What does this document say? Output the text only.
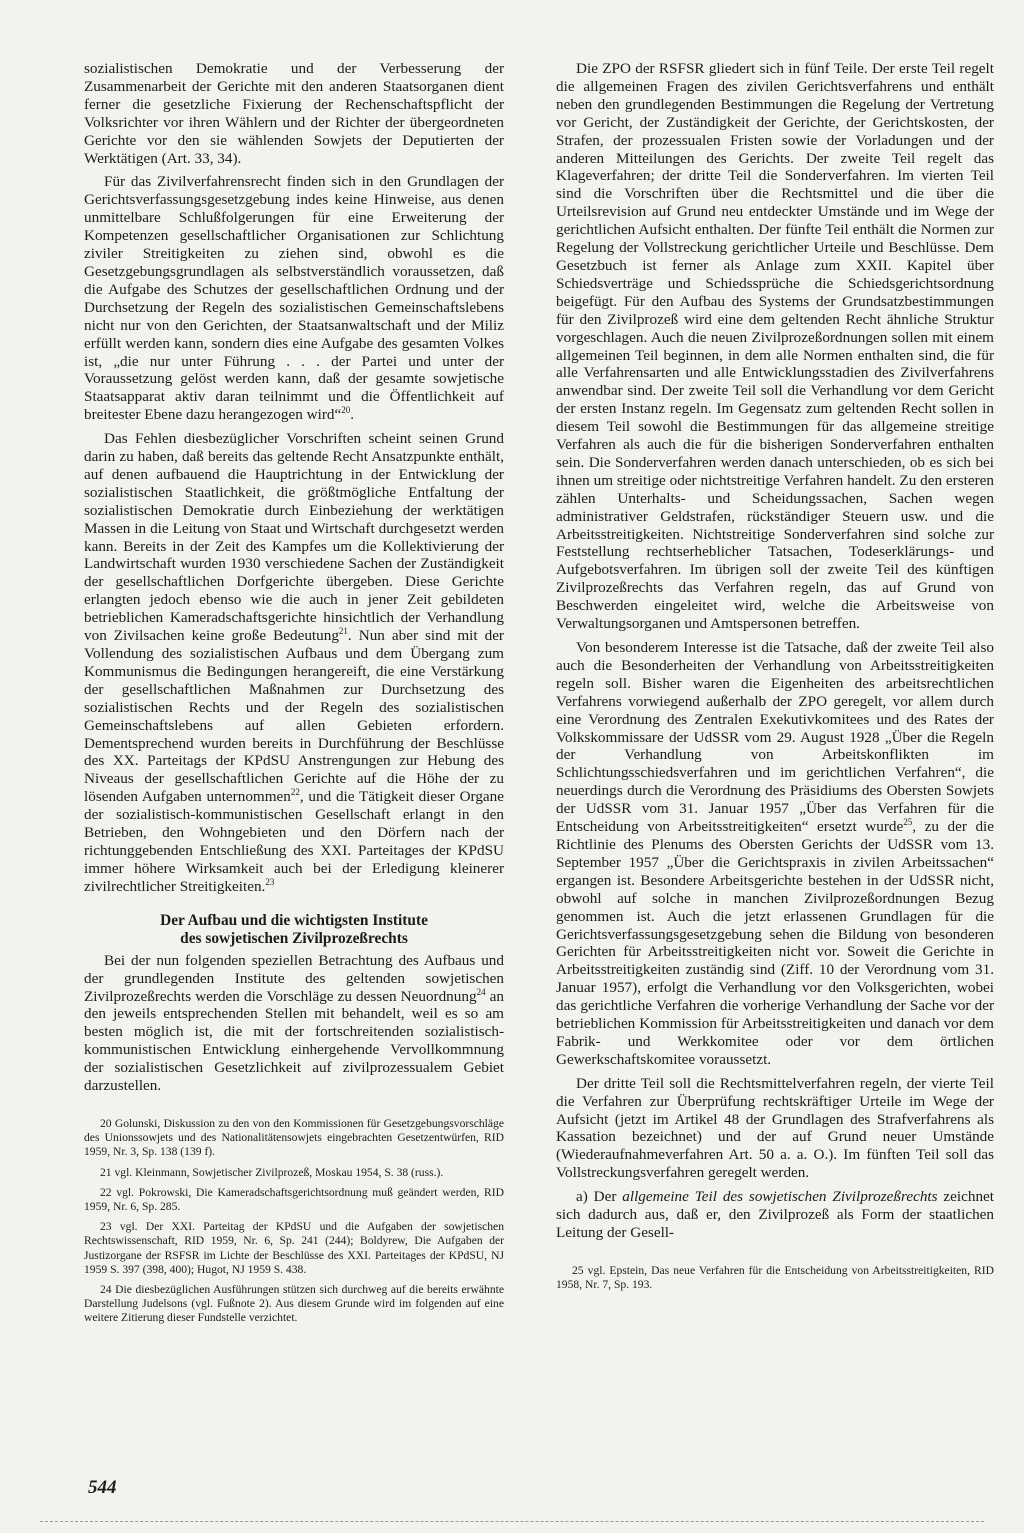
sozialistischen Demokratie und der Verbesserung der Zusammenarbeit der Gerichte mit den anderen Staatsorganen dient ferner die gesetzliche Fixierung der Rechenschaftspflicht der Volksrichter vor ihren Wählern und der Richter der übergeordneten Gerichte vor den sie wählenden Sowjets der Deputierten der Werktätigen (Art. 33, 34).

Für das Zivilverfahrensrecht finden sich in den Grundlagen der Gerichtsverfassungsgesetzgebung indes keine Hinweise, aus denen unmittelbare Schlußfolgerungen für eine Erweiterung der Kompetenzen gesellschaftlicher Organisationen zur Schlichtung ziviler Streitigkeiten zu ziehen sind, obwohl es die Gesetzgebungsgrundlagen als selbstverständlich voraussetzen, daß die Aufgabe des Schutzes der gesellschaftlichen Ordnung und der Durchsetzung der Regeln des sozialistischen Gemeinschaftslebens nicht nur von den Gerichten, der Staatsanwaltschaft und der Miliz erfüllt werden kann, sondern dies eine Aufgabe des gesamten Volkes ist, „die nur unter Führung . . . der Partei und unter der Voraussetzung gelöst werden kann, daß der gesamte sowjetische Staatsapparat aktiv daran teilnimmt und die Öffentlichkeit auf breitester Ebene dazu herangezogen wird“$^{20}$.

Das Fehlen diesbezüglicher Vorschriften scheint seinen Grund darin zu haben, daß bereits das geltende Recht Ansatzpunkte enthält, auf denen aufbauend die Hauptrichtung in der Entwicklung der sozialistischen Staatlichkeit, die größtmögliche Entfaltung der sozialistischen Demokratie durch Einbeziehung der werktätigen Massen in die Leitung von Staat und Wirtschaft durchgesetzt werden kann. Bereits in der Zeit des Kampfes um die Kollektivierung der Landwirtschaft wurden 1930 verschiedene Sachen der Zuständigkeit der gesellschaftlichen Dorfgerichte übergeben. Diese Gerichte erlangten jedoch ebenso wie die auch in jener Zeit gebildeten betrieblichen Kameradschaftsgerichte hinsichtlich der Verhandlung von Zivilsachen keine große Bedeutung$^{21}$. Nun aber sind mit der Vollendung des sozialistischen Aufbaus und dem Übergang zum Kommunismus die Bedingungen herangereift, die eine Verstärkung der gesellschaftlichen Maßnahmen zur Durchsetzung des sozialistischen Rechts und der Regeln des sozialistischen Gemeinschaftslebens auf allen Gebieten erfordern. Dementsprechend wurden bereits in Durchführung der Beschlüsse des XX. Parteitags der KPdSU Anstrengungen zur Hebung des Niveaus der gesellschaftlichen Gerichte auf die Höhe der zu lösenden Aufgaben unternommen$^{22}$, und die Tätigkeit dieser Organe der sozialistisch-kommunistischen Gesellschaft erlangt in den Betrieben, den Wohngebieten und den Dörfern nach der richtunggebenden Entschließung des XXI. Parteitages der KPdSU immer höhere Wirksamkeit auch bei der Erledigung kleinerer zivilrechtlicher Streitigkeiten.$^{23}$

Der Aufbau und die wichtigsten Institute
des sowjetischen Zivilprozeßrechts

Bei der nun folgenden speziellen Betrachtung des Aufbaus und der grundlegenden Institute des geltenden sowjetischen Zivilprozeßrechts werden die Vorschläge zu dessen Neuordnung$^{24}$ an den jeweils entsprechenden Stellen mit behandelt, weil es so am besten möglich ist, die mit der fortschreitenden sozialistisch-kommunistischen Entwicklung einhergehende Vervollkommnung der sozialistischen Gesetzlichkeit auf zivilprozessualem Gebiet darzustellen.

20 Golunski, Diskussion zu den von den Kommissionen für Gesetzgebungsvorschläge des Unionssowjets und des Nationalitätensowjets eingebrachten Gesetzentwürfen, RID 1959, Nr. 3, Sp. 138 (139 f).
21 vgl. Kleinmann, Sowjetischer Zivilprozeß, Moskau 1954, S. 38 (russ.).
22 vgl. Pokrowski, Die Kameradschaftsgerichtsordnung muß geändert werden, RID 1959, Nr. 6, Sp. 285.
23 vgl. Der XXI. Parteitag der KPdSU und die Aufgaben der sowjetischen Rechtswissenschaft, RID 1959, Nr. 6, Sp. 241 (244); Boldyrew, Die Aufgaben der Justizorgane der RSFSR im Lichte der Beschlüsse des XXI. Parteitages der KPdSU, NJ 1959 S. 397 (398, 400); Hugot, NJ 1959 S. 438.
24 Die diesbezüglichen Ausführungen stützen sich durchweg auf die bereits erwähnte Darstellung Judelsons (vgl. Fußnote 2). Aus diesem Grunde wird im folgenden auf eine weitere Zitierung dieser Fundstelle verzichtet.

Die ZPO der RSFSR gliedert sich in fünf Teile. Der erste Teil regelt die allgemeinen Fragen des zivilen Gerichtsverfahrens und enthält neben den grundlegenden Bestimmungen die Regelung der Vertretung vor Gericht, der Zuständigkeit der Gerichte, der Gerichtskosten, der Strafen, der prozessualen Fristen sowie der Vorladungen und der anderen Mitteilungen des Gerichts. Der zweite Teil regelt das Klageverfahren; der dritte Teil die Sonderverfahren. Im vierten Teil sind die Vorschriften über die Rechtsmittel und die über die Urteilsrevision auf Grund neu entdeckter Umstände und im Wege der gerichtlichen Aufsicht enthalten. Der fünfte Teil enthält die Normen zur Regelung der Vollstreckung gerichtlicher Urteile und Beschlüsse. Dem Gesetzbuch ist ferner als Anlage zum XXII. Kapitel über Schiedsverträge und Schiedssprüche die Schiedsgerichtsordnung beigefügt. Für den Aufbau des Systems der Grundsatzbestimmungen für den Zivilprozeß wird eine dem geltenden Recht ähnliche Struktur vorgeschlagen. Auch die neuen Zivilprozeßordnungen sollen mit einem allgemeinen Teil beginnen, in dem alle Normen enthalten sind, die für alle Verfahrensarten und alle Entwicklungsstadien des Zivilverfahrens anwendbar sind. Der zweite Teil soll die Verhandlung vor dem Gericht der ersten Instanz regeln. Im Gegensatz zum geltenden Recht sollen in diesem Teil sowohl die Bestimmungen für das allgemeine streitige Verfahren als auch die für die bisherigen Sonderverfahren enthalten sein. Die Sonderverfahren werden danach unterschieden, ob es sich bei ihnen um streitige oder nichtstreitige Verfahren handelt. Zu den ersteren zählen Unterhalts- und Scheidungssachen, Sachen wegen administrativer Geldstrafen, rückständiger Steuern usw. und die Arbeitsstreitigkeiten. Nichtstreitige Sonderverfahren sind solche zur Feststellung rechtserheblicher Tatsachen, Todeserklärungs- und Aufgebotsverfahren. Im übrigen soll der zweite Teil des künftigen Zivilprozeßrechts das Verfahren regeln, das auf Grund von Beschwerden eingeleitet wird, welche die Arbeitsweise von Verwaltungsorganen und Amtspersonen betreffen.

Von besonderem Interesse ist die Tatsache, daß der zweite Teil also auch die Besonderheiten der Verhandlung von Arbeitsstreitigkeiten regeln soll. Bisher waren die Eigenheiten des arbeitsrechtlichen Verfahrens vorwiegend außerhalb der ZPO geregelt, vor allem durch eine Verordnung des Zentralen Exekutivkomitees und des Rates der Volkskommissare der UdSSR vom 29. August 1928 „Über die Regeln der Verhandlung von Arbeitskonflikten im Schlichtungsschiedsverfahren und im gerichtlichen Verfahren“, die neuerdings durch die Verordnung des Präsidiums des Obersten Sowjets der UdSSR vom 31. Januar 1957 „Über das Verfahren für die Entscheidung von Arbeitsstreitigkeiten“ ersetzt wurde$^{25}$, zu der die Richtlinie des Plenums des Obersten Gerichts der UdSSR vom 13. September 1957 „Über die Gerichtspraxis in zivilen Arbeitssachen“ ergangen ist. Besondere Arbeitsgerichte bestehen in der UdSSR nicht, obwohl auf solche in manchen Zivilprozeßordnungen Bezug genommen ist. Auch die jetzt erlassenen Grundlagen für die Gerichtsverfassungsgesetzgebung sehen die Bildung von besonderen Gerichten für Arbeitsstreitigkeiten nicht vor. Soweit die Gerichte in Arbeitsstreitigkeiten zuständig sind (Ziff. 10 der Verordnung vom 31. Januar 1957), erfolgt die Verhandlung vor den Volksgerichten, wobei das gerichtliche Verfahren die vorherige Verhandlung der Sache vor der betrieblichen Kommission für Arbeitsstreitigkeiten und danach vor dem Fabrik- und Werkkomitee oder vor dem örtlichen Gewerkschaftskomitee voraussetzt.

Der dritte Teil soll die Rechtsmittelverfahren regeln, der vierte Teil die Verfahren zur Überprüfung rechtskräftiger Urteile im Wege der Aufsicht (jetzt im Artikel 48 der Grundlagen des Strafverfahrens als Kassation bezeichnet) und der auf Grund neuer Umstände (Wiederaufnahmeverfahren Art. 50 a. a. O.). Im fünften Teil soll das Vollstreckungsverfahren geregelt werden.

a) Der allgemeine Teil des sowjetischen Zivilprozeßrechts zeichnet sich dadurch aus, daß er, den Zivilprozeß als Form der staatlichen Leitung der Gesell-

25 vgl. Epstein, Das neue Verfahren für die Entscheidung von Arbeitsstreitigkeiten, RID 1958, Nr. 7, Sp. 193.
544
